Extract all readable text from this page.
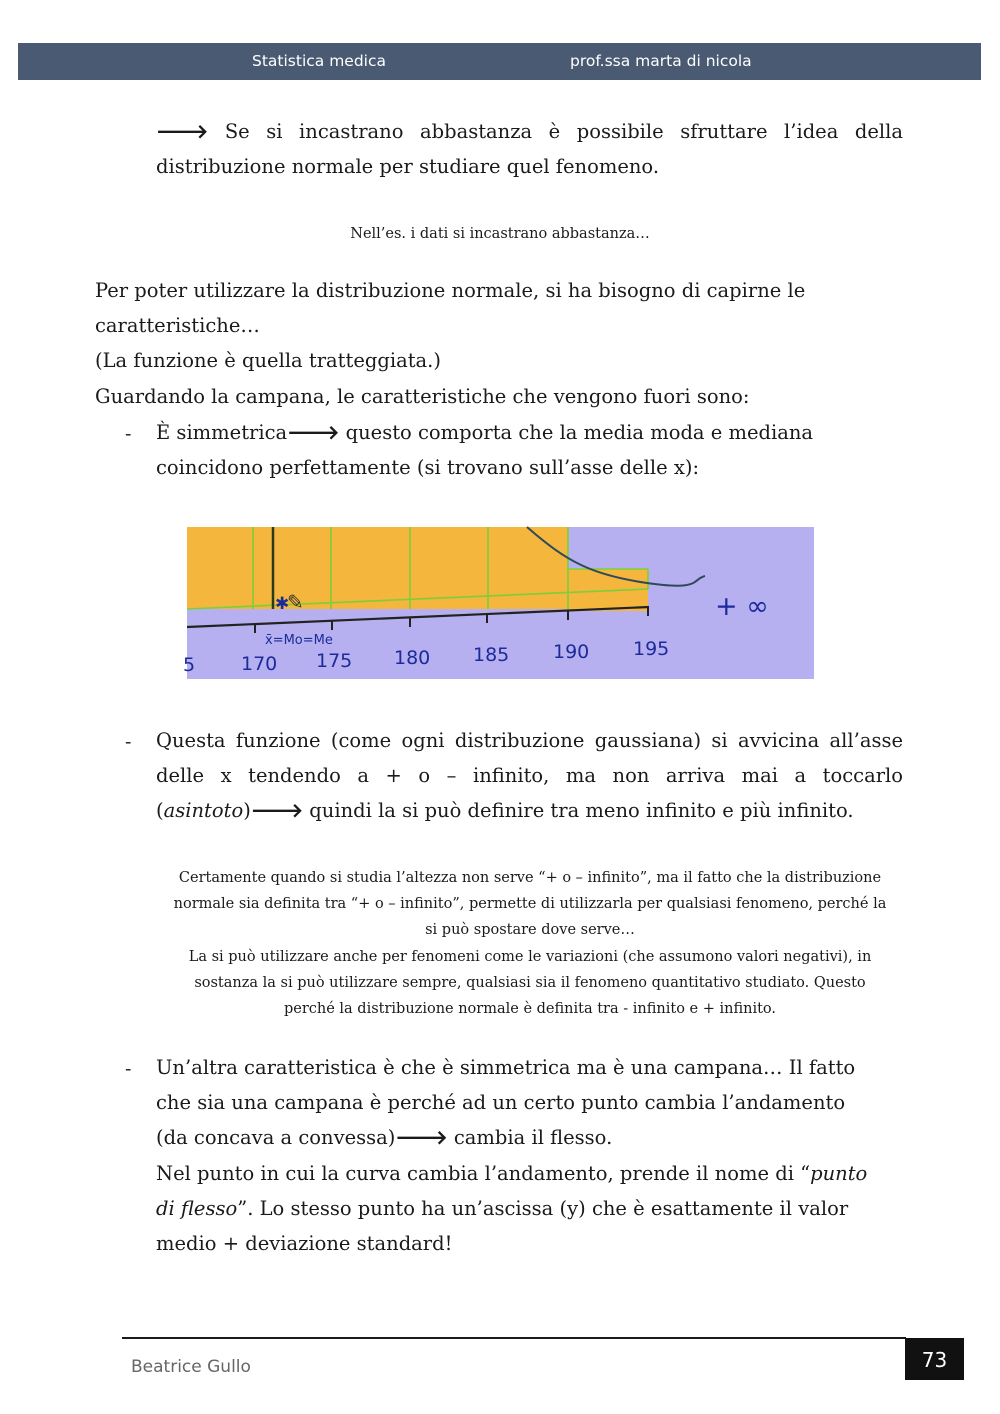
Statistica medica	prof.ssa marta di nicola

🡒 Se si incastrano abbastanza è possibile sfruttare l’idea della

distribuzione normale per studiare quel fenomeno.

Nell’es. i dati si incastrano abbastanza…

Per poter utilizzare la distribuzione normale, si ha bisogno di capirne le

caratteristiche…

(La funzione è quella tratteggiata.)

Guardando la campana, le caratteristiche che vengono fuori sono:

- È simmetrica🡒 questo comporta che la media moda e mediana

coincidono perfettamente (si trovano sull’asse delle x):

✱
✎
x̄=Mo=Me
5 170 175 180 185 190 195
+ ∞
- Questa funzione (come ogni distribuzione gaussiana) si avvicina all’asse

delle x tendendo a + o – infinito, ma non arriva mai a toccarlo

(asintoto)🡒 quindi la si può definire tra meno infinito e più infinito.

Certamente quando si studia l’altezza non serve “+ o – infinito”, ma il fatto che la distribuzione

normale sia definita tra “+ o – infinito”, permette di utilizzarla per qualsiasi fenomeno, perché la

si può spostare dove serve…

La si può utilizzare anche per fenomeni come le variazioni (che assumono valori negativi), in

sostanza la si può utilizzare sempre, qualsiasi sia il fenomeno quantitativo studiato. Questo

perché la distribuzione normale è definita tra - infinito e + infinito.

- Un’altra caratteristica è che è simmetrica ma è una campana… Il fatto

che sia una campana è perché ad un certo punto cambia l’andamento

(da concava a convessa)🡒 cambia il flesso.

Nel punto in cui la curva cambia l’andamento, prende il nome di “punto

di flesso”. Lo stesso punto ha un’ascissa (y) che è esattamente il valor

medio + deviazione standard!

73
Beatrice Gullo
